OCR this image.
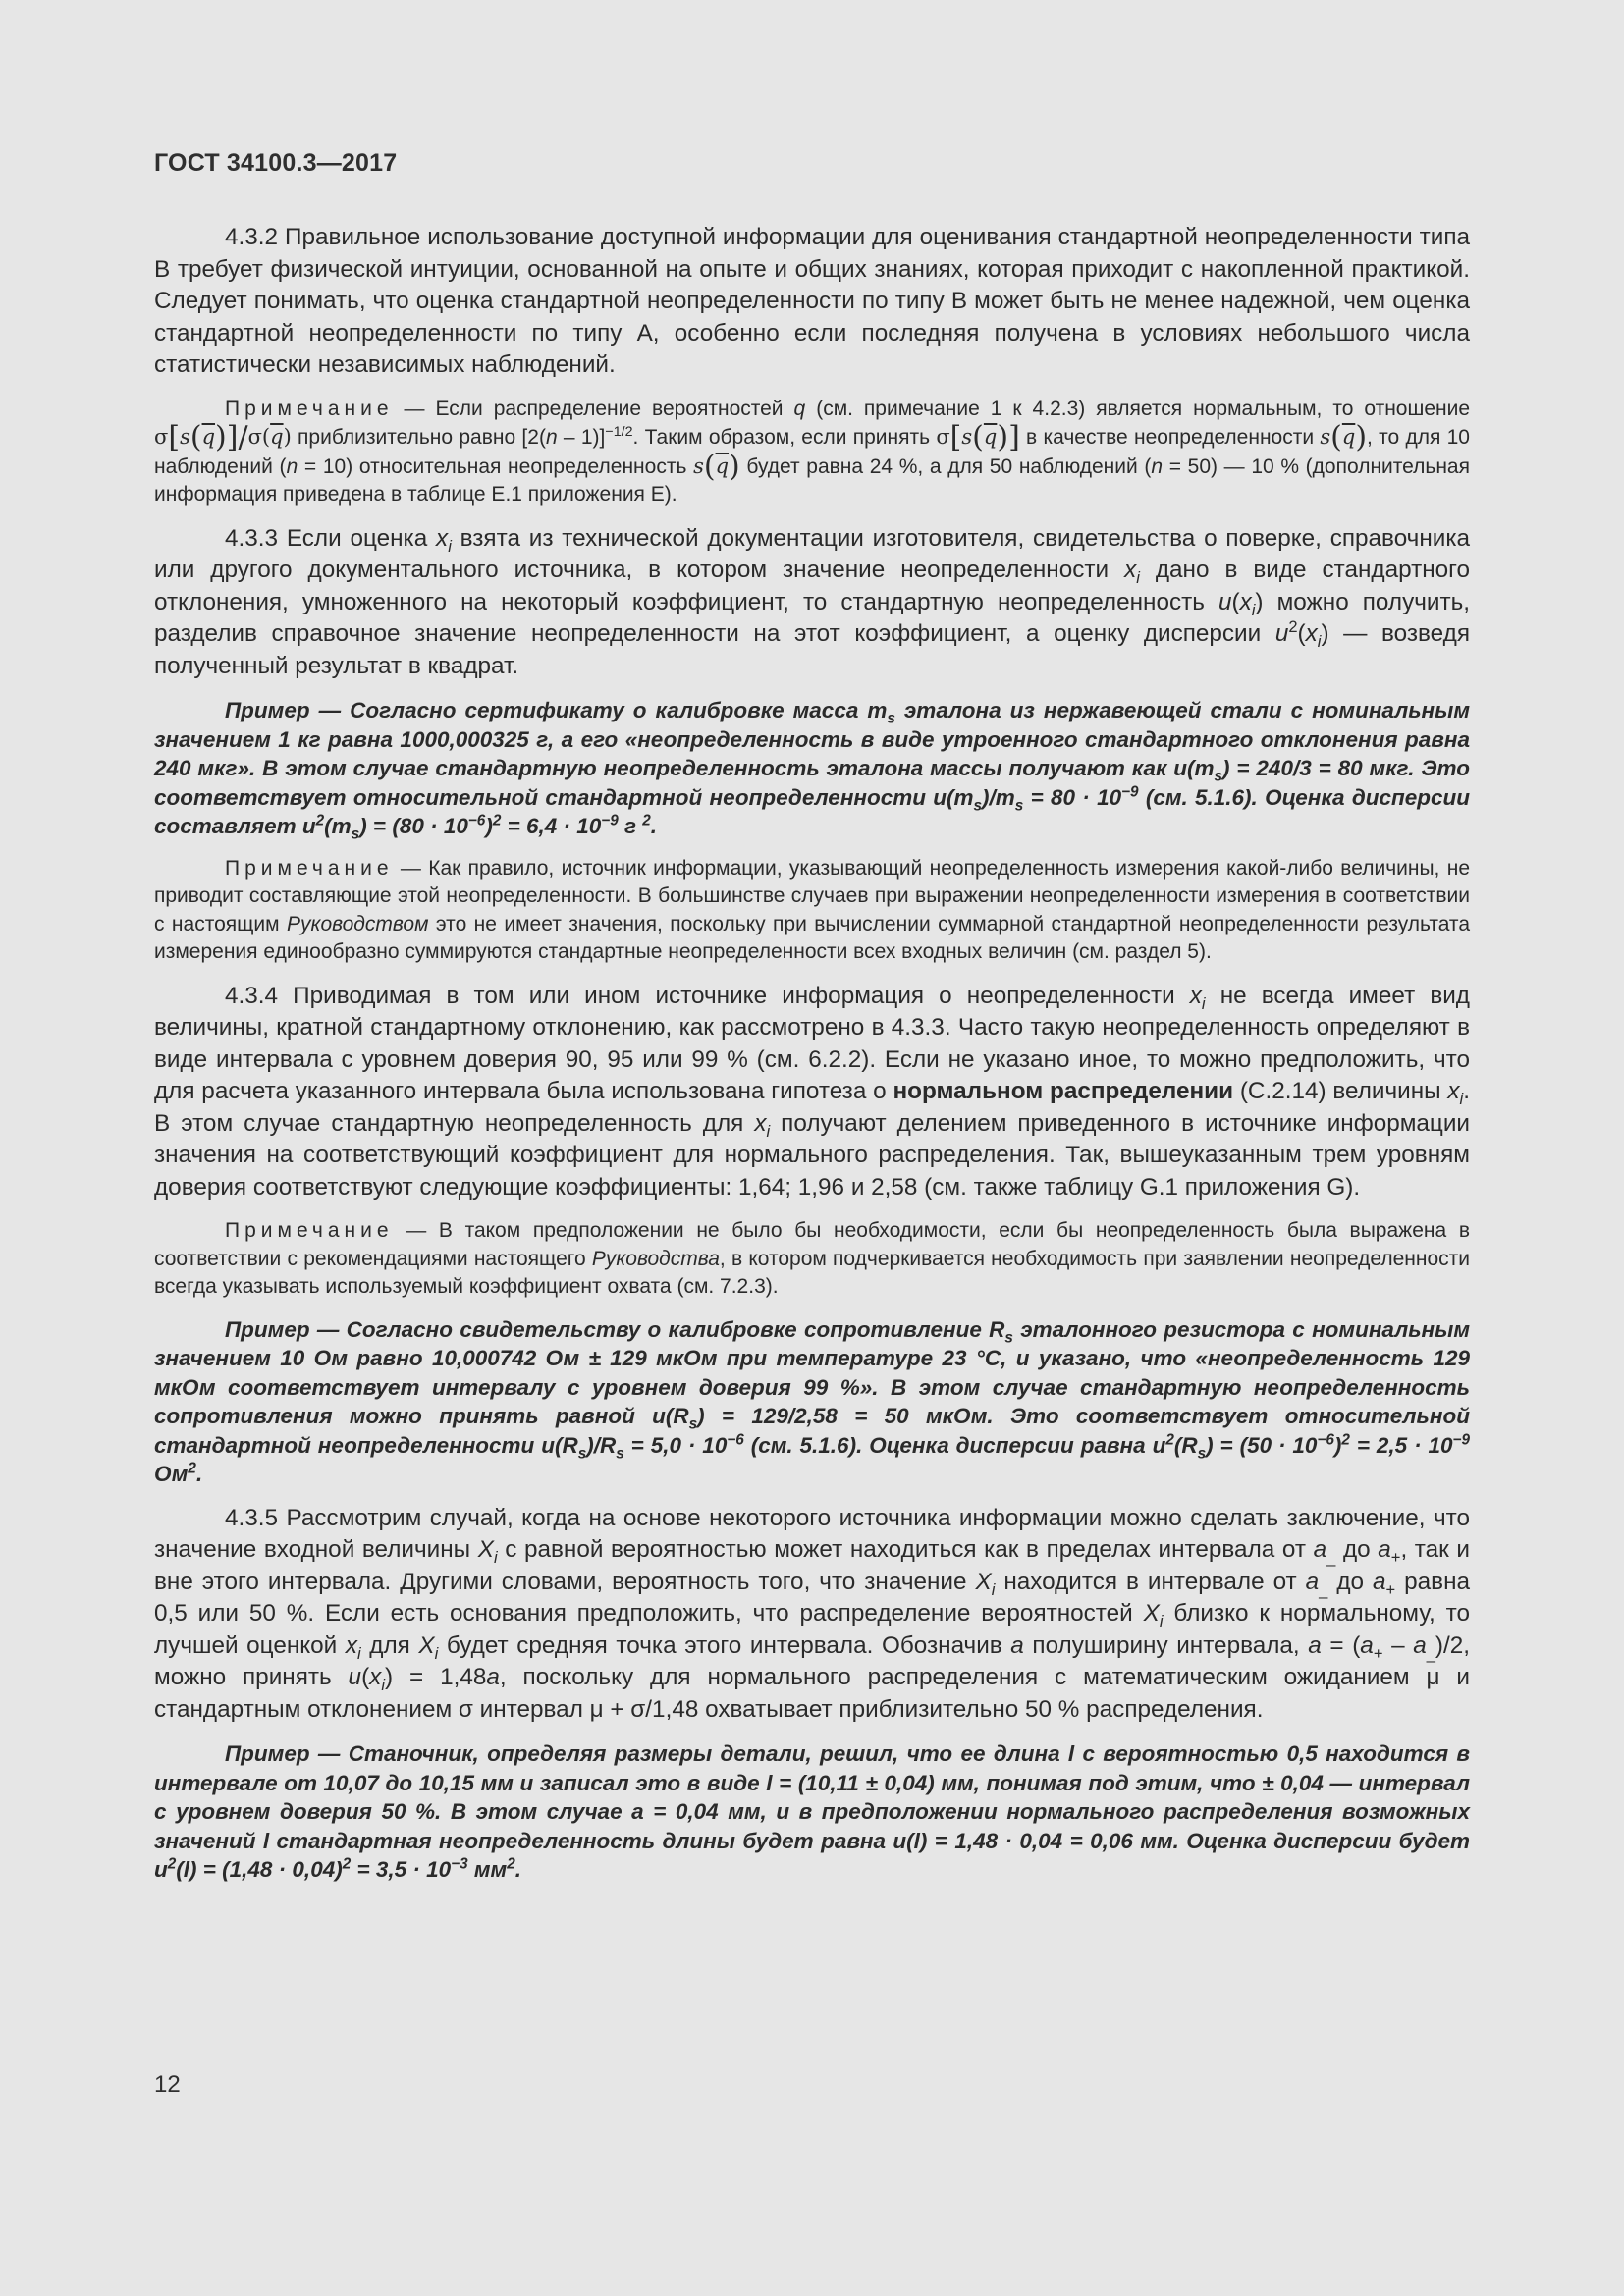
ГОСТ 34100.3—2017

4.3.2 Правильное использование доступной информации для оценивания стандартной неопределенности типа B требует физической интуиции, основанной на опыте и общих знаниях, которая приходит с накопленной практикой. Следует понимать, что оценка стандартной неопределенности по типу B может быть не менее надежной, чем оценка стандартной неопределенности по типу A, особенно если последняя получена в условиях небольшого числа статистически независимых наблюдений.

Примечание — Если распределение вероятностей q (см. примечание 1 к 4.2.3) является нормальным, то отношение $\sigma[s(\overline{q})]/\sigma(\overline{q})$ приблизительно равно [2(n – 1)]$^{-1/2}$. Таким образом, если принять $\sigma[s(\overline{q})]$ в качестве неопределенности $s(\overline{q})$, то для 10 наблюдений (n = 10) относительная неопределенность $s(\overline{q})$ будет равна 24 %, а для 50 наблюдений (n = 50) — 10 % (дополнительная информация приведена в таблице E.1 приложения E).

4.3.3 Если оценка $x_i$ взята из технической документации изготовителя, свидетельства о поверке, справочника или другого документального источника, в котором значение неопределенности $x_i$ дано в виде стандартного отклонения, умноженного на некоторый коэффициент, то стандартную неопределенность $u(x_i)$ можно получить, разделив справочное значение неопределенности на этот коэффициент, а оценку дисперсии $u^2(x_i)$ — возведя полученный результат в квадрат.

Пример — Согласно сертификату о калибровке масса $m_s$ эталона из нержавеющей стали с номинальным значением 1 кг равна 1000,000325 г, а его «неопределенность в виде утроенного стандартного отклонения равна 240 мкг». В этом случае стандартную неопределенность эталона массы получают как $u(m_s) = 240/3 = 80$ мкг. Это соответствует относительной стандартной неопределенности $u(m_s)/m_s = 80 \cdot 10^{-9}$ (см. 5.1.6). Оценка дисперсии составляет $u^2(m_s) = (80 \cdot 10^{-6})^2 = 6,4 \cdot 10^{-9}$ г $^2$.

Примечание — Как правило, источник информации, указывающий неопределенность измерения какой-либо величины, не приводит составляющие этой неопределенности. В большинстве случаев при выражении неопределенности измерения в соответствии с настоящим Руководством это не имеет значения, поскольку при вычислении суммарной стандартной неопределенности результата измерения единообразно суммируются стандартные неопределенности всех входных величин (см. раздел 5).

4.3.4 Приводимая в том или ином источнике информация о неопределенности $x_i$ не всегда имеет вид величины, кратной стандартному отклонению, как рассмотрено в 4.3.3. Часто такую неопределенность определяют в виде интервала с уровнем доверия 90, 95 или 99 % (см. 6.2.2). Если не указано иное, то можно предположить, что для расчета указанного интервала была использована гипотеза о нормальном распределении (C.2.14) величины $x_i$. В этом случае стандартную неопределенность для $x_i$ получают делением приведенного в источнике информации значения на соответствующий коэффициент для нормального распределения. Так, вышеуказанным трем уровням доверия соответствуют следующие коэффициенты: 1,64; 1,96 и 2,58 (см. также таблицу G.1 приложения G).

Примечание — В таком предположении не было бы необходимости, если бы неопределенность была выражена в соответствии с рекомендациями настоящего Руководства, в котором подчеркивается необходимость при заявлении неопределенности всегда указывать используемый коэффициент охвата (см. 7.2.3).

Пример — Согласно свидетельству о калибровке сопротивление $R_s$ эталонного резистора с номинальным значением 10 Ом равно 10,000742 Ом ± 129 мкОм при температуре 23 °C, и указано, что «неопределенность 129 мкОм соответствует интервалу с уровнем доверия 99 %». В этом случае стандартную неопределенность сопротивления можно принять равной $u(R_s) = 129/2,58 = 50$ мкОм. Это соответствует относительной стандартной неопределенности $u(R_s)/R_s = 5,0 \cdot 10^{-6}$ (см. 5.1.6). Оценка дисперсии равна $u^2(R_s) = (50 \cdot 10^{-6})^2 = 2,5 \cdot 10^{-9}$ $Ом^2$.

4.3.5 Рассмотрим случай, когда на основе некоторого источника информации можно сделать заключение, что значение входной величины $X_i$ с равной вероятностью может находиться как в пределах интервала от $a_{\_}$ до $a_+$, так и вне этого интервала. Другими словами, вероятность того, что значение $X_i$ находится в интервале от $a_{\_}$ до $a_+$ равна 0,5 или 50 %. Если есть основания предположить, что распределение вероятностей $X_i$ близко к нормальному, то лучшей оценкой $x_i$ для $X_i$ будет средняя точка этого интервала. Обозначив a полуширину интервала, $a = (a_+ - a_{\_})/2$, можно принять $u(x_i) = 1,48a$, поскольку для нормального распределения с математическим ожиданием μ и стандартным отклонением σ интервал μ + σ/1,48 охватывает приблизительно 50 % распределения.

Пример — Станочник, определяя размеры детали, решил, что ее длина l с вероятностью 0,5 находится в интервале от 10,07 до 10,15 мм и записал это в виде l = (10,11 ± 0,04) мм, понимая под этим, что ± 0,04 — интервал с уровнем доверия 50 %. В этом случае a = 0,04 мм, и в предположении нормального распределения возможных значений l стандартная неопределенность длины будет равна u(l) = 1,48 · 0,04 = 0,06 мм. Оценка дисперсии будет $u^2(l) = (1,48 \cdot 0,04)^2 = 3,5 \cdot 10^{-3}$ $мм^2$.

12
